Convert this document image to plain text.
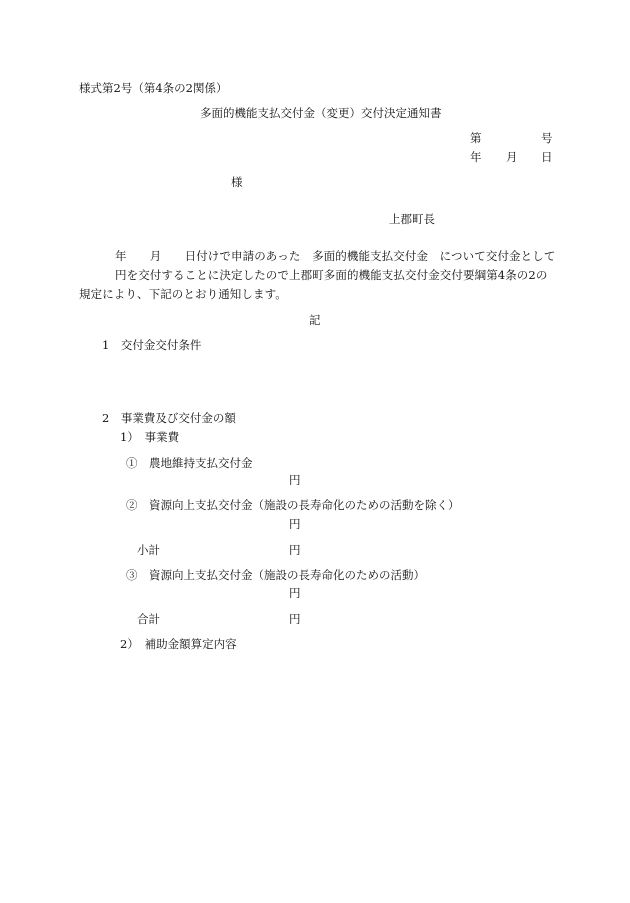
様式第2号（第4条の2関係）
多面的機能支払交付金（変更）交付決定通知書
第	号
年 月 日
様
上郡町長
年　　月　　日付けで申請のあった　多面的機能支払交付金　について交付金として
円を交付することに決定したので上郡町多面的機能支払交付金交付要綱第4条の2の
規定により、下記のとおり通知します。
記
1　交付金交付条件
2　事業費及び交付金の額
1）　事業費
①　農地維持支払交付金
円
②　資源向上支払交付金（施設の長寿命化のための活動を除く）
円
小計	円
③　資源向上支払交付金（施設の長寿命化のための活動）
円
合計	円
2）　補助金額算定内容
